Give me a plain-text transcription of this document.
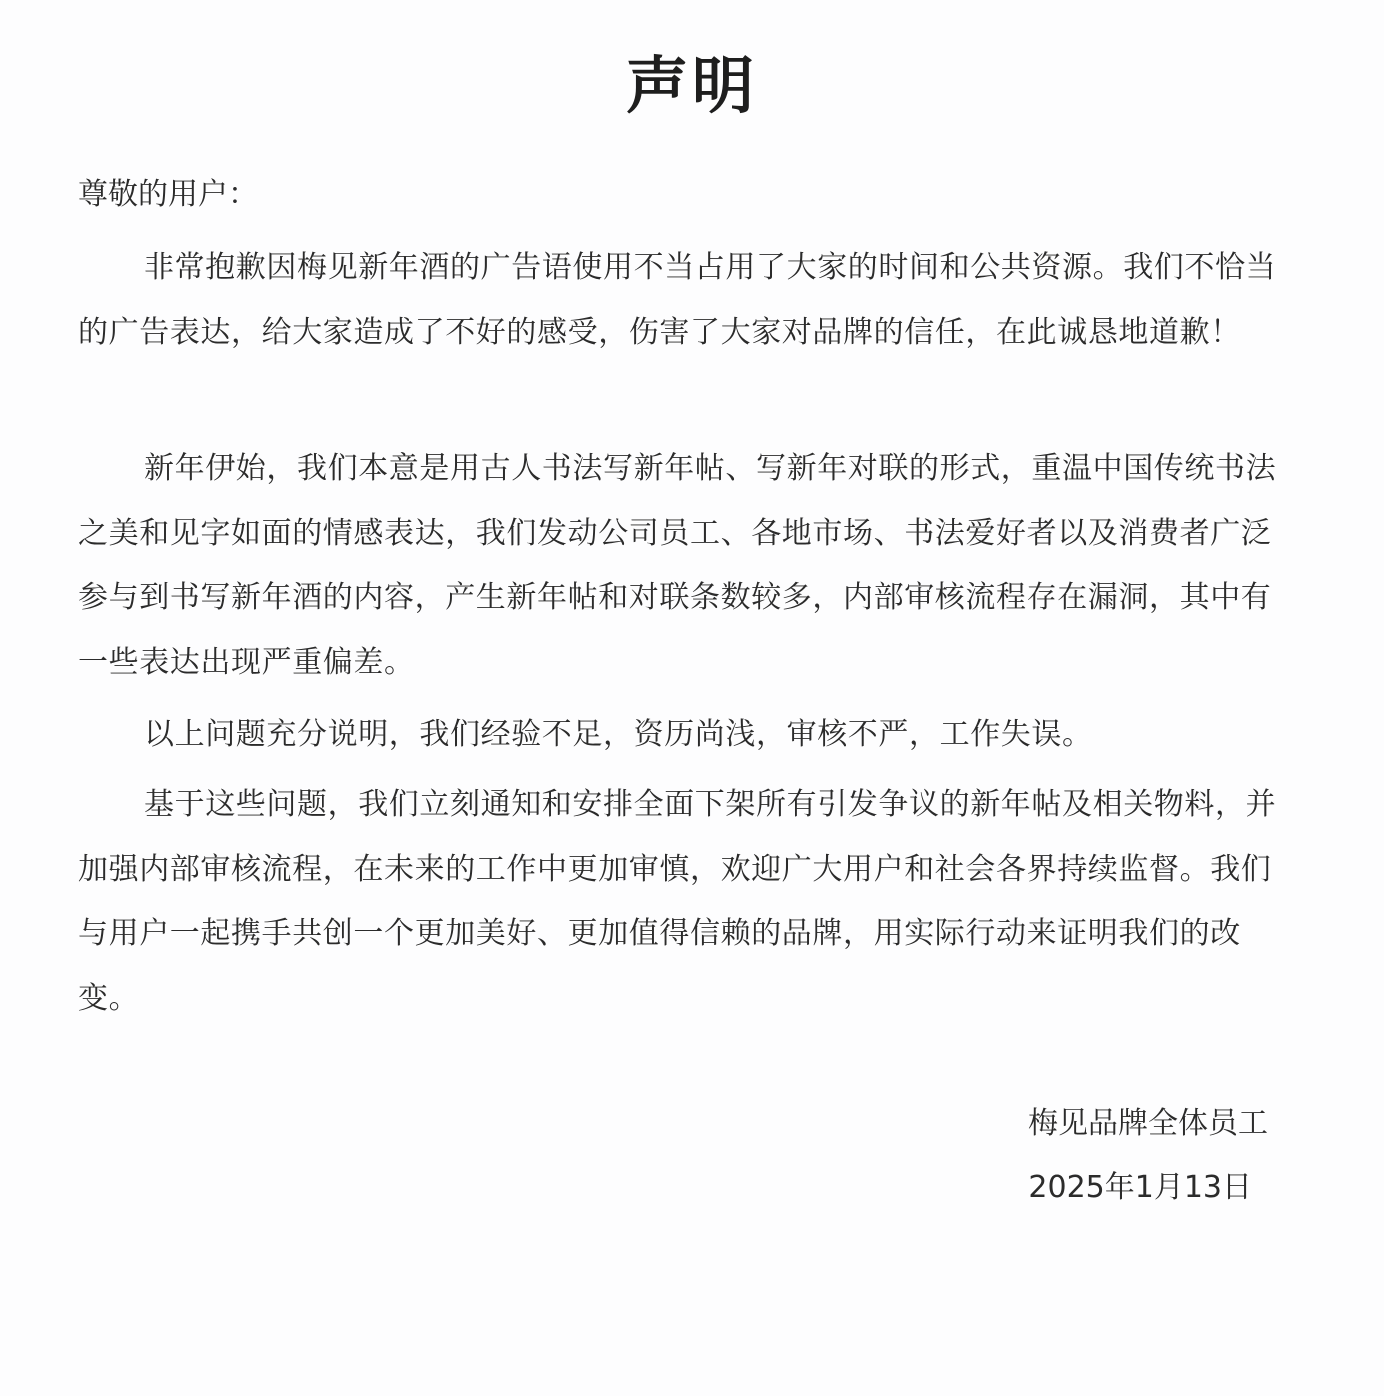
声明
尊敬的用户：

非常抱歉因梅见新年酒的广告语使用不当占用了大家的时间和公共资源。我们不恰当的广告表达，给大家造成了不好的感受，伤害了大家对品牌的信任，在此诚恳地道歉！

新年伊始，我们本意是用古人书法写新年帖、写新年对联的形式，重温中国传统书法之美和见字如面的情感表达，我们发动公司员工、各地市场、书法爱好者以及消费者广泛参与到书写新年酒的内容，产生新年帖和对联条数较多，内部审核流程存在漏洞，其中有一些表达出现严重偏差。

以上问题充分说明，我们经验不足，资历尚浅，审核不严，工作失误。

基于这些问题，我们立刻通知和安排全面下架所有引发争议的新年帖及相关物料，并加强内部审核流程，在未来的工作中更加审慎，欢迎广大用户和社会各界持续监督。我们与用户一起携手共创一个更加美好、更加值得信赖的品牌，用实际行动来证明我们的改变。

梅见品牌全体员工
2025年1月13日
